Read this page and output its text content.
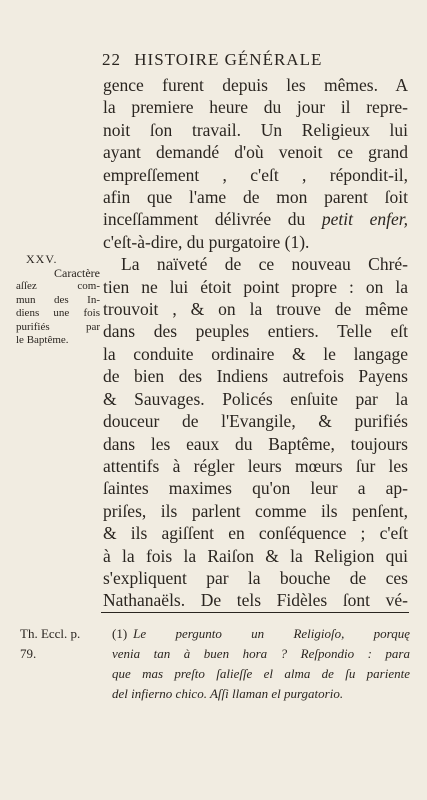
22 HISTOIRE GÉNÉRALE
gence furent depuis les mêmes. A
la premiere heure du jour il repre-
noit ſon travail. Un Religieux lui
ayant demandé d'où venoit ce grand
empreſſement , c'eſt , répondit-il,
afin que l'ame de mon parent ſoit
inceſſamment délivrée du petit enfer,
c'eſt-à-dire, du purgatoire (1).
La naïveté de ce nouveau Chré-
tien ne lui étoit point propre : on la
trouvoit , & on la trouve de même
dans des peuples entiers. Telle eſt
la conduite ordinaire & le langage
de bien des Indiens autrefois Payens
& Sauvages. Policés enſuite par la
douceur de l'Evangile, & purifiés
dans les eaux du Baptême, toujours
attentifs à régler leurs mœurs ſur les
ſaintes maximes qu'on leur a ap-
priſes, ils parlent comme ils penſent,
& ils agiſſent en conſéquence ; c'eſt
à la fois la Raiſon & la Religion qui
s'expliquent par la bouche de ces
Nathanaëls. De tels Fidèles ſont vé-
XXV.
Caractère
aſſez com-
mun des In-
diens une fois
purifiés par
le Baptême.
Th. Eccl. p.
79.
(1) Le pergunto un Religioſo, porquę
venia tan à buen hora ? Reſpondio : para
que mas preſto ſalieſſe el alma de ſu pariente
del infierno chico. Aſſi llaman el purgatorio.
